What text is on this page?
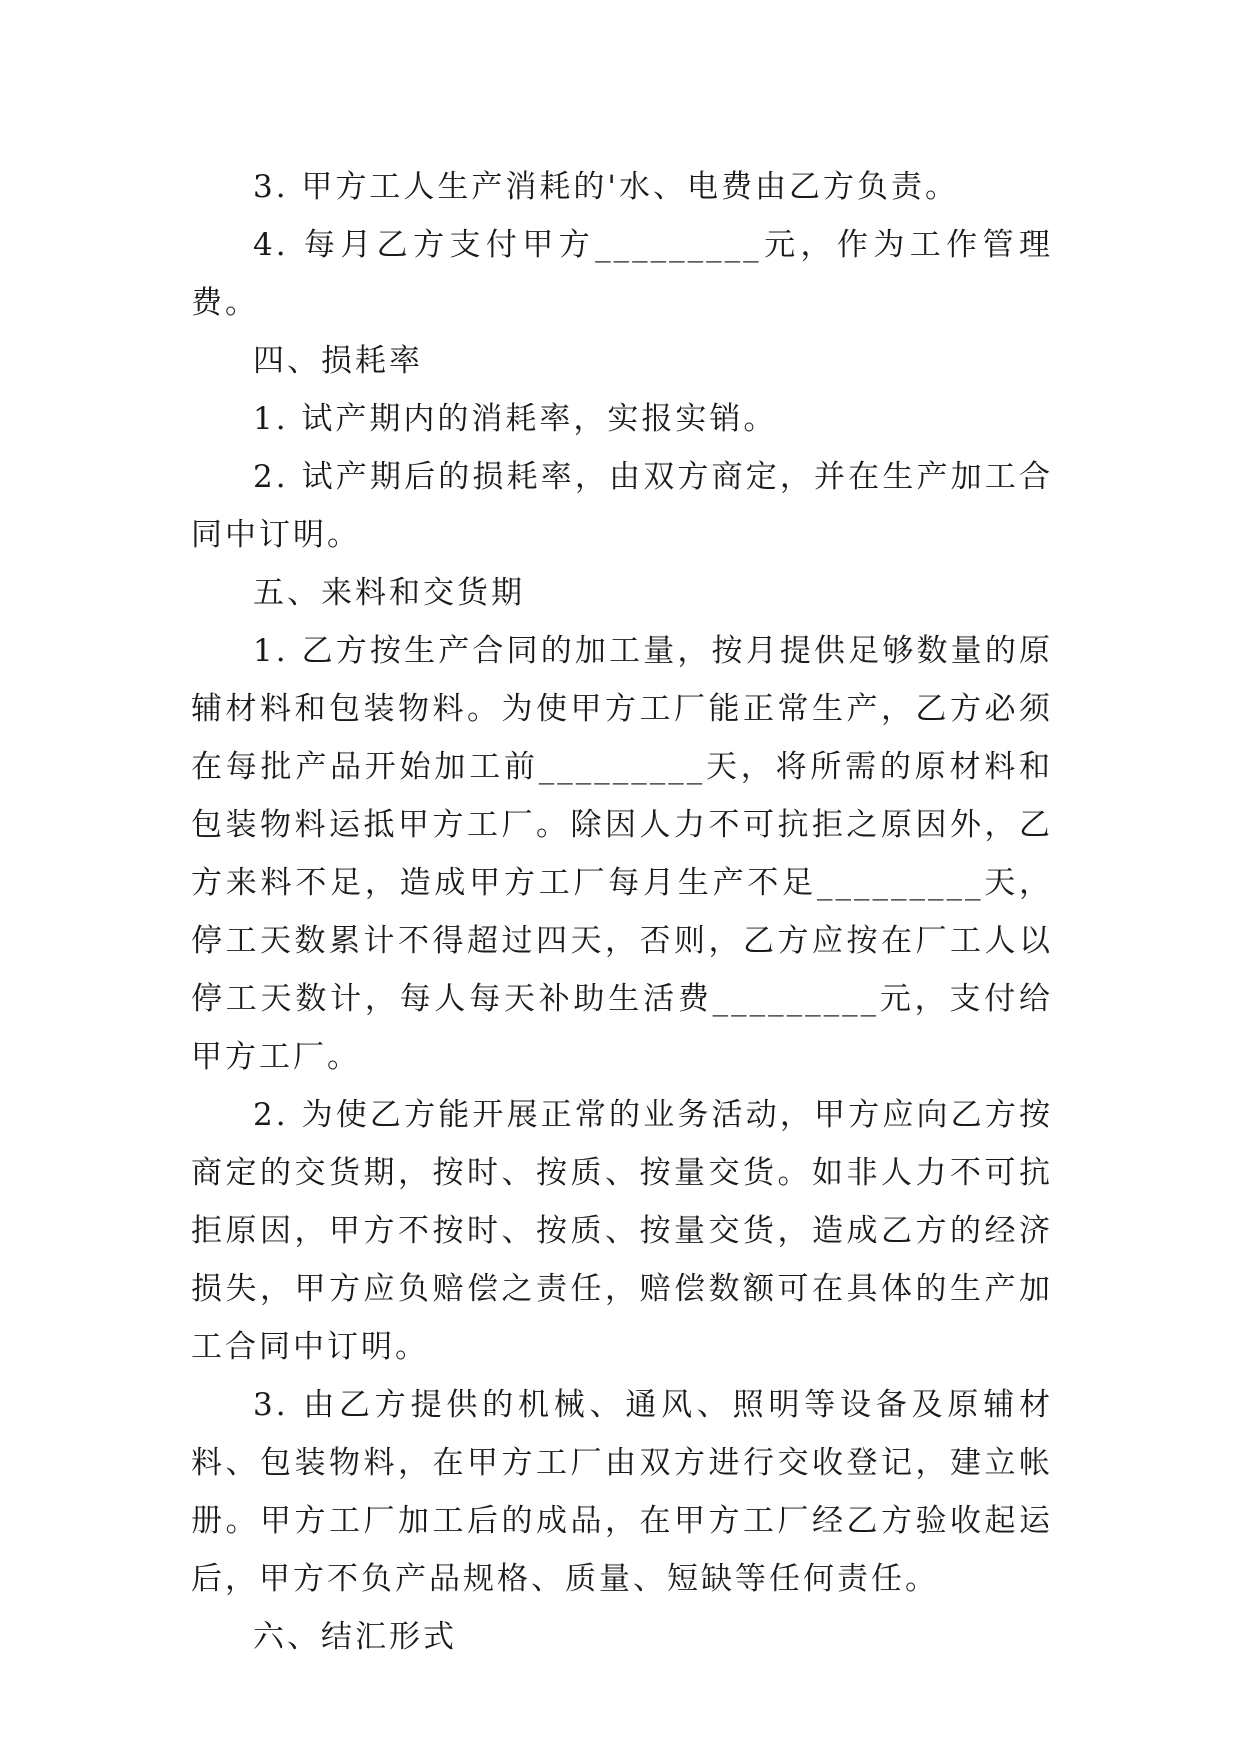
3. 甲方工人生产消耗的'水、电费由乙方负责。

4. 每月乙方支付甲方_________元，作为工作管理费。

四、损耗率

1. 试产期内的消耗率，实报实销。

2. 试产期后的损耗率，由双方商定，并在生产加工合同中订明。

五、来料和交货期

1. 乙方按生产合同的加工量，按月提供足够数量的原辅材料和包装物料。为使甲方工厂能正常生产，乙方必须在每批产品开始加工前_________天，将所需的原材料和包装物料运抵甲方工厂。除因人力不可抗拒之原因外，乙方来料不足，造成甲方工厂每月生产不足_________天，停工天数累计不得超过四天，否则，乙方应按在厂工人以停工天数计，每人每天补助生活费_________元，支付给甲方工厂。

2. 为使乙方能开展正常的业务活动，甲方应向乙方按商定的交货期，按时、按质、按量交货。如非人力不可抗拒原因，甲方不按时、按质、按量交货，造成乙方的经济损失，甲方应负赔偿之责任，赔偿数额可在具体的生产加工合同中订明。

3. 由乙方提供的机械、通风、照明等设备及原辅材料、包装物料，在甲方工厂由双方进行交收登记，建立帐册。甲方工厂加工后的成品，在甲方工厂经乙方验收起运后，甲方不负产品规格、质量、短缺等任何责任。

六、结汇形式
